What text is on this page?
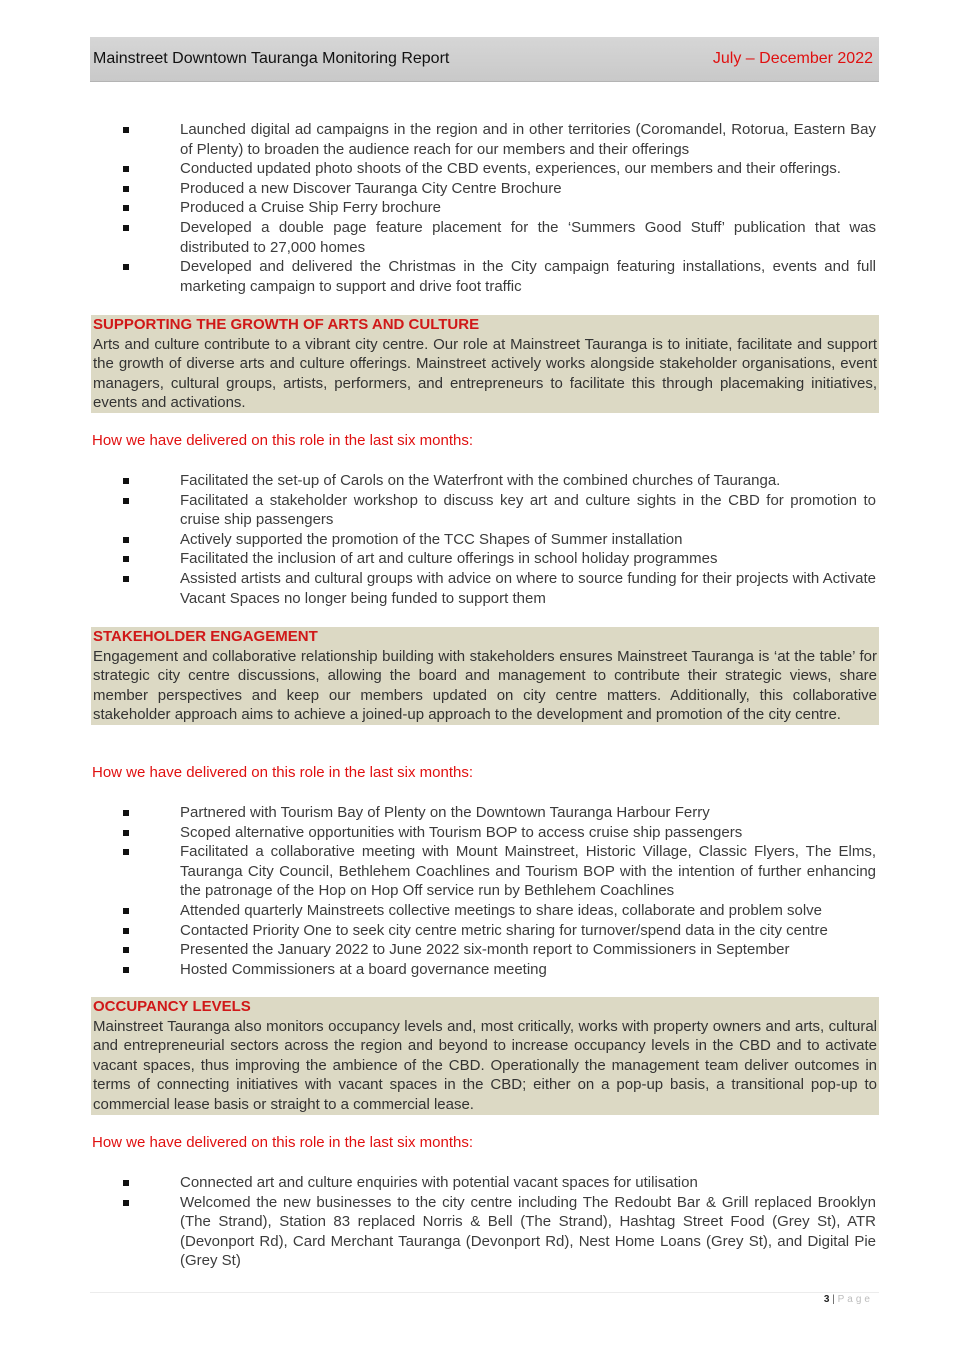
Mainstreet Downtown Tauranga Monitoring Report	July – December 2022
Launched digital ad campaigns in the region and in other territories (Coromandel, Rotorua, Eastern Bay of Plenty) to broaden the audience reach for our members and their offerings
Conducted updated photo shoots of the CBD events, experiences, our members and their offerings.
Produced a new Discover Tauranga City Centre Brochure
Produced a Cruise Ship Ferry brochure
Developed a double page feature placement for the ‘Summers Good Stuff’ publication that was distributed to 27,000 homes
Developed and delivered the Christmas in the City campaign featuring installations, events and full marketing campaign to support and drive foot traffic
SUPPORTING THE GROWTH OF ARTS AND CULTURE

Arts and culture contribute to a vibrant city centre. Our role at Mainstreet Tauranga is to initiate, facilitate and support the growth of diverse arts and culture offerings. Mainstreet actively works alongside stakeholder organisations, event managers, cultural groups, artists, performers, and entrepreneurs to facilitate this through placemaking initiatives, events and activations.

How we have delivered on this role in the last six months:
Facilitated the set-up of Carols on the Waterfront with the combined churches of Tauranga.
Facilitated a stakeholder workshop to discuss key art and culture sights in the CBD for promotion to cruise ship passengers
Actively supported the promotion of the TCC Shapes of Summer installation
Facilitated the inclusion of art and culture offerings in school holiday programmes
Assisted artists and cultural groups with advice on where to source funding for their projects with Activate Vacant Spaces no longer being funded to support them
STAKEHOLDER ENGAGEMENT

Engagement and collaborative relationship building with stakeholders ensures Mainstreet Tauranga is ‘at the table’ for strategic city centre discussions, allowing the board and management to contribute their strategic views, share member perspectives and keep our members updated on city centre matters. Additionally, this collaborative stakeholder approach aims to achieve a joined-up approach to the development and promotion of the city centre.

How we have delivered on this role in the last six months:
Partnered with Tourism Bay of Plenty on the Downtown Tauranga Harbour Ferry
Scoped alternative opportunities with Tourism BOP to access cruise ship passengers
Facilitated a collaborative meeting with Mount Mainstreet, Historic Village, Classic Flyers, The Elms, Tauranga City Council, Bethlehem Coachlines and Tourism BOP with the intention of further enhancing the patronage of the Hop on Hop Off service run by Bethlehem Coachlines
Attended quarterly Mainstreets collective meetings to share ideas, collaborate and problem solve
Contacted Priority One to seek city centre metric sharing for turnover/spend data in the city centre
Presented the January 2022 to June 2022 six-month report to Commissioners in September
Hosted Commissioners at a board governance meeting
OCCUPANCY LEVELS

Mainstreet Tauranga also monitors occupancy levels and, most critically, works with property owners and arts, cultural and entrepreneurial sectors across the region and beyond to increase occupancy levels in the CBD and to activate vacant spaces, thus improving the ambience of the CBD. Operationally the management team deliver outcomes in terms of connecting initiatives with vacant spaces in the CBD; either on a pop-up basis, a transitional pop-up to commercial lease basis or straight to a commercial lease.

How we have delivered on this role in the last six months:
Connected art and culture enquiries with potential vacant spaces for utilisation
Welcomed the new businesses to the city centre including The Redoubt Bar & Grill replaced Brooklyn (The Strand), Station 83 replaced Norris & Bell (The Strand), Hashtag Street Food (Grey St), ATR (Devonport Rd), Card Merchant Tauranga (Devonport Rd), Nest Home Loans (Grey St), and Digital Pie (Grey St)
3 | Page
